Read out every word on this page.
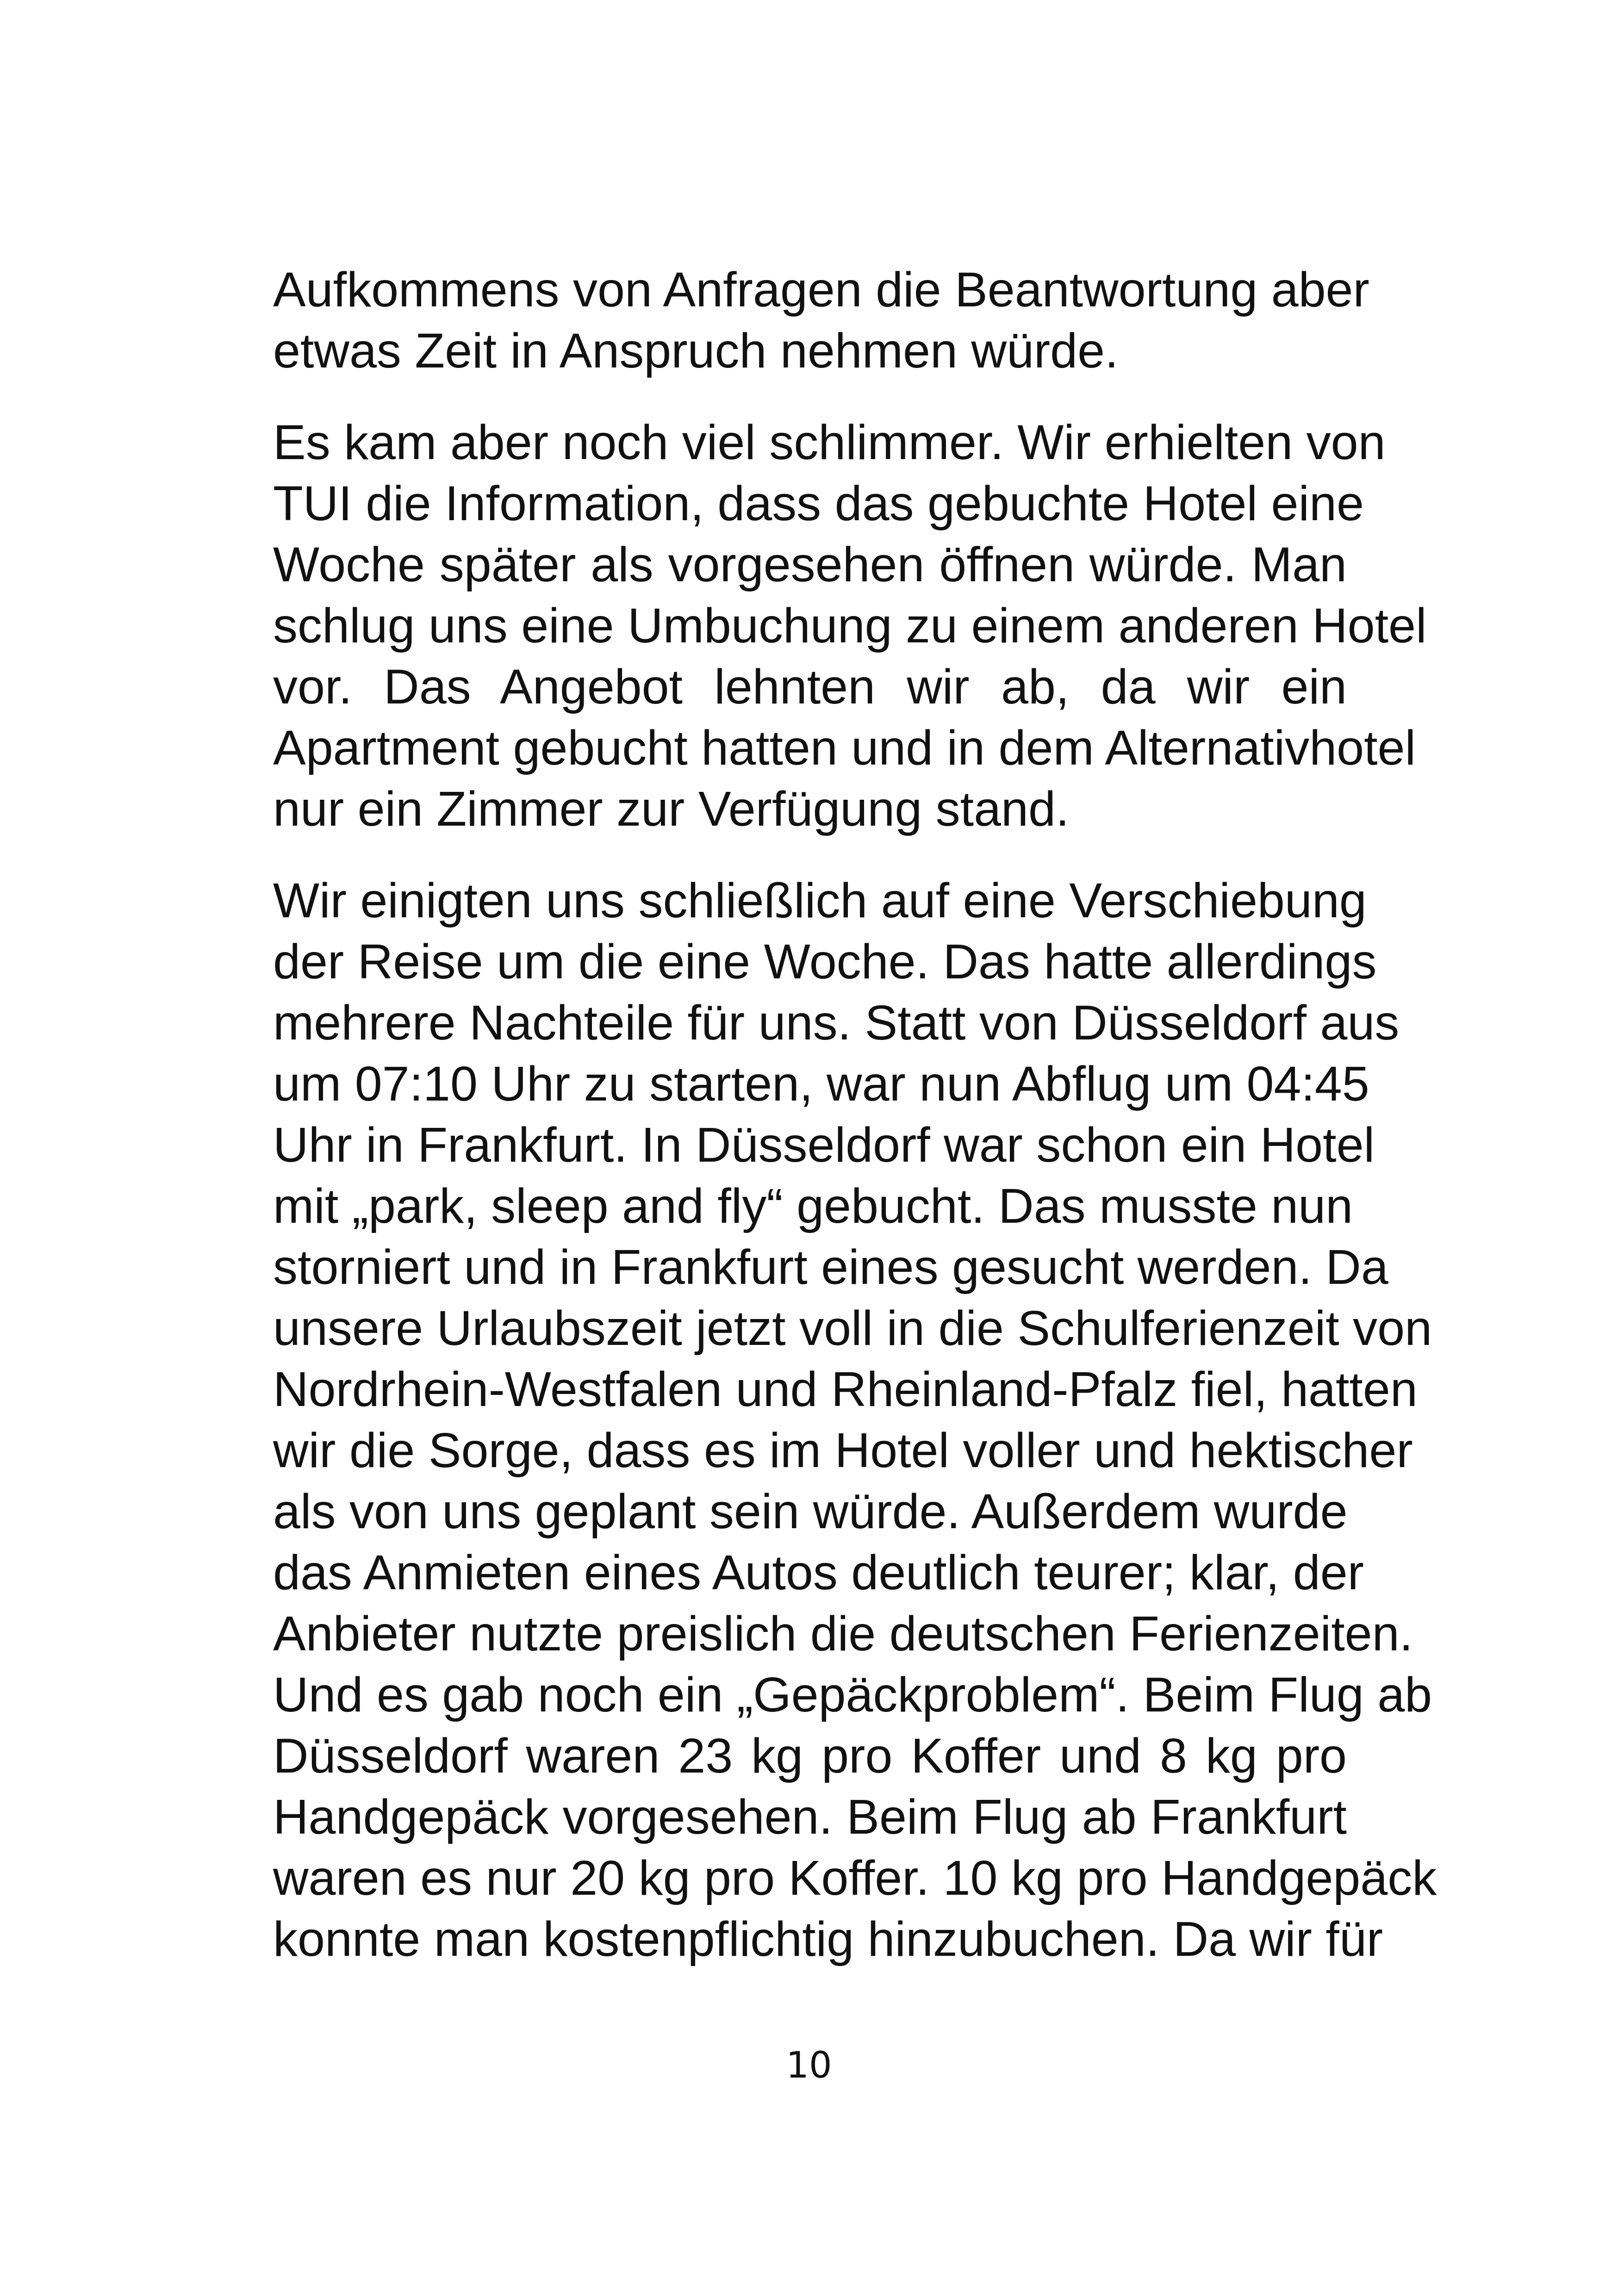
Aufkommens von Anfragen die Beantwortung aber
etwas Zeit in Anspruch nehmen würde.
Es kam aber noch viel schlimmer. Wir erhielten von
TUI die Information, dass das gebuchte Hotel eine
Woche später als vorgesehen öffnen würde. Man
schlug uns eine Umbuchung zu einem anderen Hotel
vor. Das Angebot lehnten wir ab, da wir ein
Apartment gebucht hatten und in dem Alternativhotel
nur ein Zimmer zur Verfügung stand.
Wir einigten uns schließlich auf eine Verschiebung
der Reise um die eine Woche. Das hatte allerdings
mehrere Nachteile für uns. Statt von Düsseldorf aus
um 07:10 Uhr zu starten, war nun Abflug um 04:45
Uhr in Frankfurt. In Düsseldorf war schon ein Hotel
mit „park, sleep and fly“ gebucht. Das musste nun
storniert und in Frankfurt eines gesucht werden. Da
unsere Urlaubszeit jetzt voll in die Schulferienzeit von
Nordrhein-Westfalen und Rheinland-Pfalz fiel, hatten
wir die Sorge, dass es im Hotel voller und hektischer
als von uns geplant sein würde. Außerdem wurde
das Anmieten eines Autos deutlich teurer; klar, der
Anbieter nutzte preislich die deutschen Ferienzeiten.
Und es gab noch ein „Gepäckproblem“. Beim Flug ab
Düsseldorf waren 23 kg pro Koffer und 8 kg pro
Handgepäck vorgesehen. Beim Flug ab Frankfurt
waren es nur 20 kg pro Koffer. 10 kg pro Handgepäck
konnte man kostenpflichtig hinzubuchen. Da wir für
10
